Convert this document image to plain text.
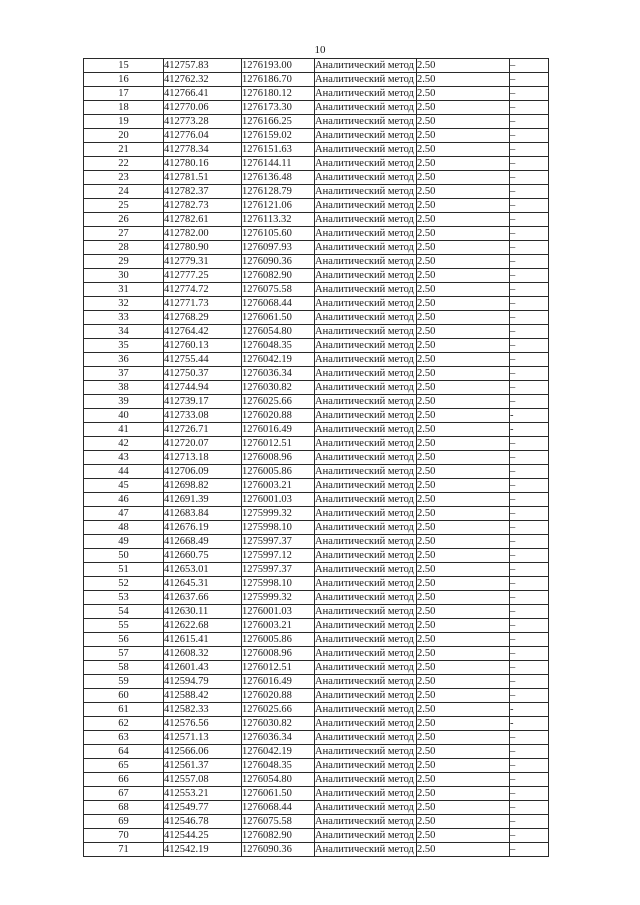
10
15	412757.83	1276193.00	Аналитический метод	2.50	–
16	412762.32	1276186.70	Аналитический метод	2.50	–
17	412766.41	1276180.12	Аналитический метод	2.50	–
18	412770.06	1276173.30	Аналитический метод	2.50	–
19	412773.28	1276166.25	Аналитический метод	2.50	–
20	412776.04	1276159.02	Аналитический метод	2.50	–
21	412778.34	1276151.63	Аналитический метод	2.50	–
22	412780.16	1276144.11	Аналитический метод	2.50	–
23	412781.51	1276136.48	Аналитический метод	2.50	–
24	412782.37	1276128.79	Аналитический метод	2.50	–
25	412782.73	1276121.06	Аналитический метод	2.50	–
26	412782.61	1276113.32	Аналитический метод	2.50	–
27	412782.00	1276105.60	Аналитический метод	2.50	–
28	412780.90	1276097.93	Аналитический метод	2.50	–
29	412779.31	1276090.36	Аналитический метод	2.50	–
30	412777.25	1276082.90	Аналитический метод	2.50	–
31	412774.72	1276075.58	Аналитический метод	2.50	–
32	412771.73	1276068.44	Аналитический метод	2.50	–
33	412768.29	1276061.50	Аналитический метод	2.50	–
34	412764.42	1276054.80	Аналитический метод	2.50	–
35	412760.13	1276048.35	Аналитический метод	2.50	–
36	412755.44	1276042.19	Аналитический метод	2.50	–
37	412750.37	1276036.34	Аналитический метод	2.50	–
38	412744.94	1276030.82	Аналитический метод	2.50	–
39	412739.17	1276025.66	Аналитический метод	2.50	–
40	412733.08	1276020.88	Аналитический метод	2.50	-
41	412726.71	1276016.49	Аналитический метод	2.50	-
42	412720.07	1276012.51	Аналитический метод	2.50	–
43	412713.18	1276008.96	Аналитический метод	2.50	–
44	412706.09	1276005.86	Аналитический метод	2.50	–
45	412698.82	1276003.21	Аналитический метод	2.50	–
46	412691.39	1276001.03	Аналитический метод	2.50	–
47	412683.84	1275999.32	Аналитический метод	2.50	–
48	412676.19	1275998.10	Аналитический метод	2.50	–
49	412668.49	1275997.37	Аналитический метод	2.50	–
50	412660.75	1275997.12	Аналитический метод	2.50	–
51	412653.01	1275997.37	Аналитический метод	2.50	–
52	412645.31	1275998.10	Аналитический метод	2.50	–
53	412637.66	1275999.32	Аналитический метод	2.50	–
54	412630.11	1276001.03	Аналитический метод	2.50	–
55	412622.68	1276003.21	Аналитический метод	2.50	–
56	412615.41	1276005.86	Аналитический метод	2.50	–
57	412608.32	1276008.96	Аналитический метод	2.50	–
58	412601.43	1276012.51	Аналитический метод	2.50	–
59	412594.79	1276016.49	Аналитический метод	2.50	–
60	412588.42	1276020.88	Аналитический метод	2.50	–
61	412582.33	1276025.66	Аналитический метод	2.50	-
62	412576.56	1276030.82	Аналитический метод	2.50	-
63	412571.13	1276036.34	Аналитический метод	2.50	–
64	412566.06	1276042.19	Аналитический метод	2.50	–
65	412561.37	1276048.35	Аналитический метод	2.50	–
66	412557.08	1276054.80	Аналитический метод	2.50	–
67	412553.21	1276061.50	Аналитический метод	2.50	–
68	412549.77	1276068.44	Аналитический метод	2.50	–
69	412546.78	1276075.58	Аналитический метод	2.50	–
70	412544.25	1276082.90	Аналитический метод	2.50	–
71	412542.19	1276090.36	Аналитический метод	2.50	–
